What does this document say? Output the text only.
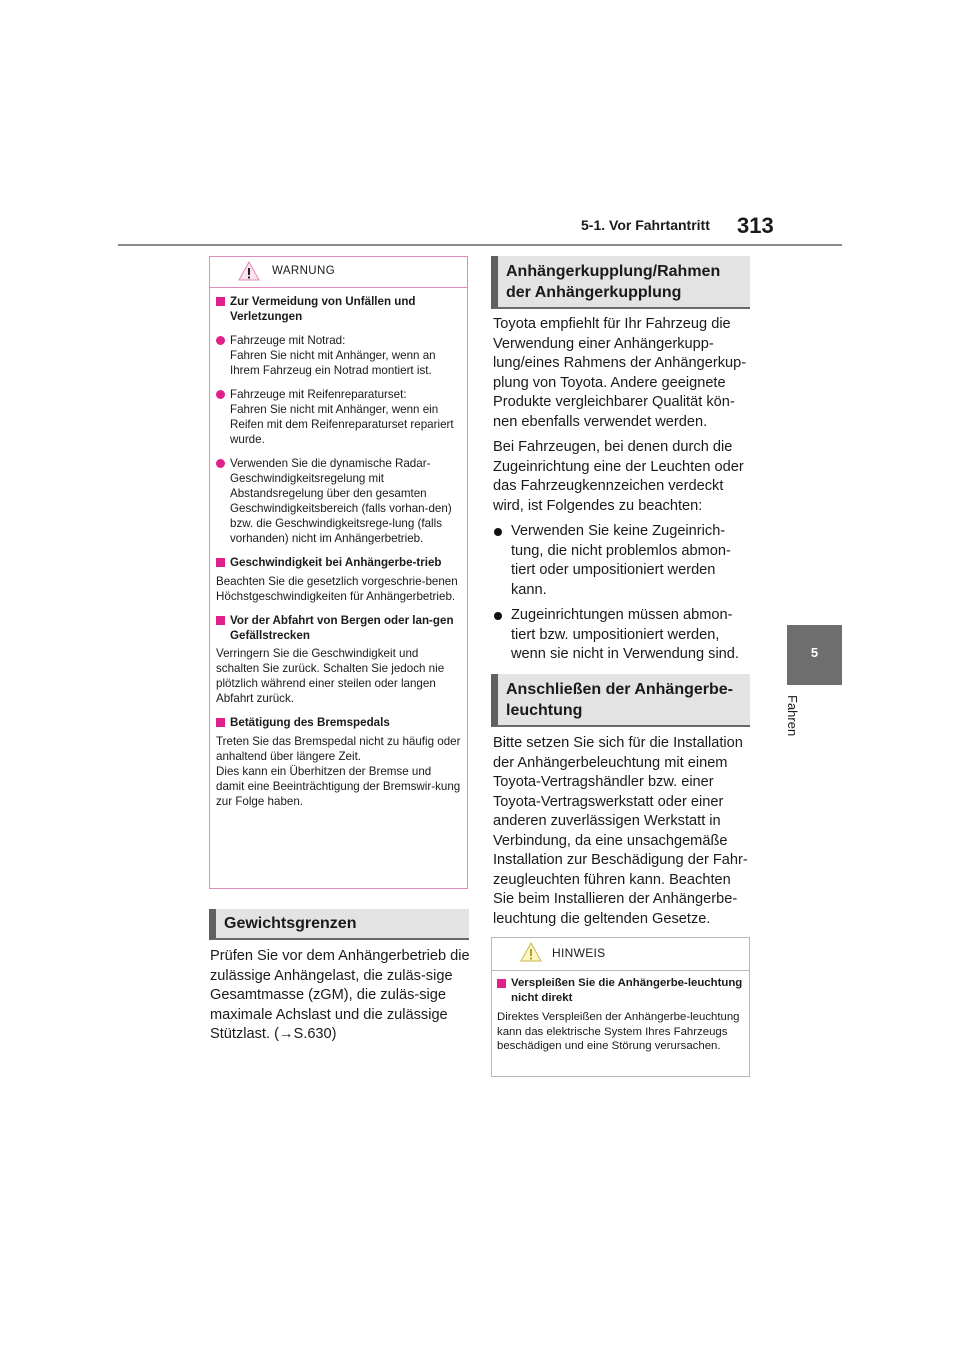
5-1. Vor Fahrtantritt 313
5
Fahren
WARNUNG
Zur Vermeidung von Unfällen und Verletzungen
Fahrzeuge mit Notrad:
Fahren Sie nicht mit Anhänger, wenn an Ihrem Fahrzeug ein Notrad montiert ist.
Fahrzeuge mit Reifenreparaturset:
Fahren Sie nicht mit Anhänger, wenn ein Reifen mit dem Reifenreparaturset repariert wurde.
Verwenden Sie die dynamische Radar-Geschwindigkeitsregelung mit Abstandsregelung über den gesamten Geschwindigkeitsbereich (falls vorhan-den) bzw. die Geschwindigkeitsrege-lung (falls vorhanden) nicht im Anhängerbetrieb.
Geschwindigkeit bei Anhängerbe-trieb
Beachten Sie die gesetzlich vorgeschrie-benen Höchstgeschwindigkeiten für Anhängerbetrieb.
Vor der Abfahrt von Bergen oder lan-gen Gefällstrecken
Verringern Sie die Geschwindigkeit und schalten Sie zurück. Schalten Sie jedoch nie plötzlich während einer steilen oder langen Abfahrt zurück.
Betätigung des Bremspedals
Treten Sie das Bremspedal nicht zu häufig oder anhaltend über längere Zeit.
Dies kann ein Überhitzen der Bremse und damit eine Beeinträchtigung der Bremswir-kung zur Folge haben.
Gewichtsgrenzen

Prüfen Sie vor dem Anhängerbetrieb die zulässige Anhängelast, die zuläs-sige Gesamtmasse (zGM), die zuläs-sige maximale Achslast und die zulässige Stützlast. (→S.630)

Anhängerkupplung/Rahmen der Anhängerkupplung

Toyota empfiehlt für Ihr Fahrzeug die Verwendung einer Anhängerkupp-lung/eines Rahmens der Anhängerkup-plung von Toyota. Andere geeignete Produkte vergleichbarer Qualität kön-nen ebenfalls verwendet werden.

Bei Fahrzeugen, bei denen durch die Zugeinrichtung eine der Leuchten oder das Fahrzeugkennzeichen verdeckt wird, ist Folgendes zu beachten:

Verwenden Sie keine Zugeinrich-tung, die nicht problemlos abmon-tiert oder umpositioniert werden kann.
Zugeinrichtungen müssen abmon-tiert bzw. umpositioniert werden, wenn sie nicht in Verwendung sind.
Anschließen der Anhängerbe-leuchtung

Bitte setzen Sie sich für die Installation der Anhängerbeleuchtung mit einem Toyota-Vertragshändler bzw. einer Toyota-Vertragswerkstatt oder einer anderen zuverlässigen Werkstatt in Verbindung, da eine unsachgemäße Installation zur Beschädigung der Fahr-zeugleuchten führen kann. Beachten Sie beim Installieren der Anhängerbe-leuchtung die geltenden Gesetze.

HINWEIS
Verspleißen Sie die Anhängerbe-leuchtung nicht direkt
Direktes Verspleißen der Anhängerbe-leuchtung kann das elektrische System Ihres Fahrzeugs beschädigen und eine Störung verursachen.
